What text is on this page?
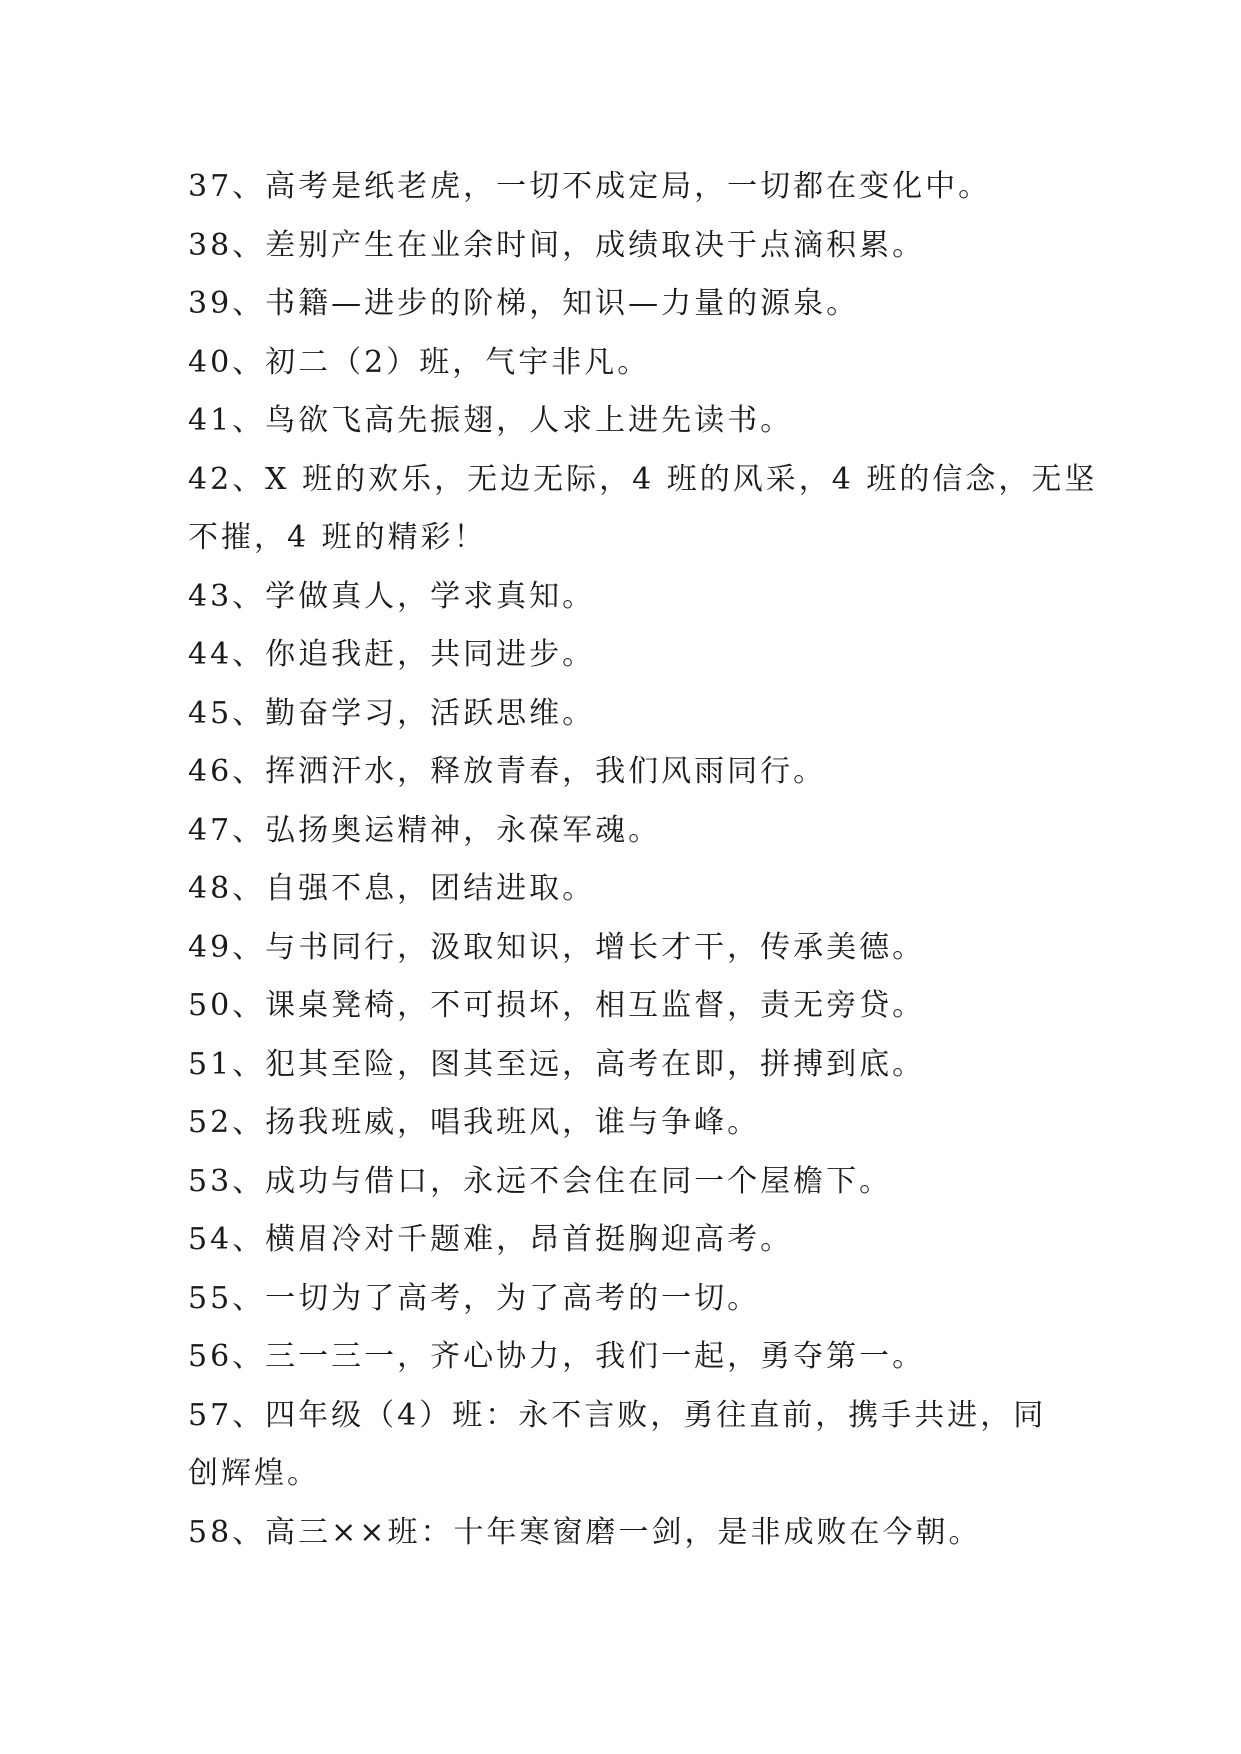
37、高考是纸老虎，一切不成定局，一切都在变化中。
38、差别产生在业余时间，成绩取决于点滴积累。
39、书籍—进步的阶梯，知识—力量的源泉。
40、初二（2）班，气宇非凡。
41、鸟欲飞高先振翅，人求上进先读书。
42、X 班的欢乐，无边无际，4 班的风采，4 班的信念，无坚
不摧，4 班的精彩！
43、学做真人，学求真知。
44、你追我赶，共同进步。
45、勤奋学习，活跃思维。
46、挥洒汗水，释放青春，我们风雨同行。
47、弘扬奥运精神，永葆军魂。
48、自强不息，团结进取。
49、与书同行，汲取知识，增长才干，传承美德。
50、课桌凳椅，不可损坏，相互监督，责无旁贷。
51、犯其至险，图其至远，高考在即，拼搏到底。
52、扬我班威，唱我班风，谁与争峰。
53、成功与借口，永远不会住在同一个屋檐下。
54、横眉冷对千题难，昂首挺胸迎高考。
55、一切为了高考，为了高考的一切。
56、三一三一，齐心协力，我们一起，勇夺第一。
57、四年级（4）班：永不言败，勇往直前，携手共进，同
创辉煌。
58、高三××班：十年寒窗磨一剑，是非成败在今朝。
